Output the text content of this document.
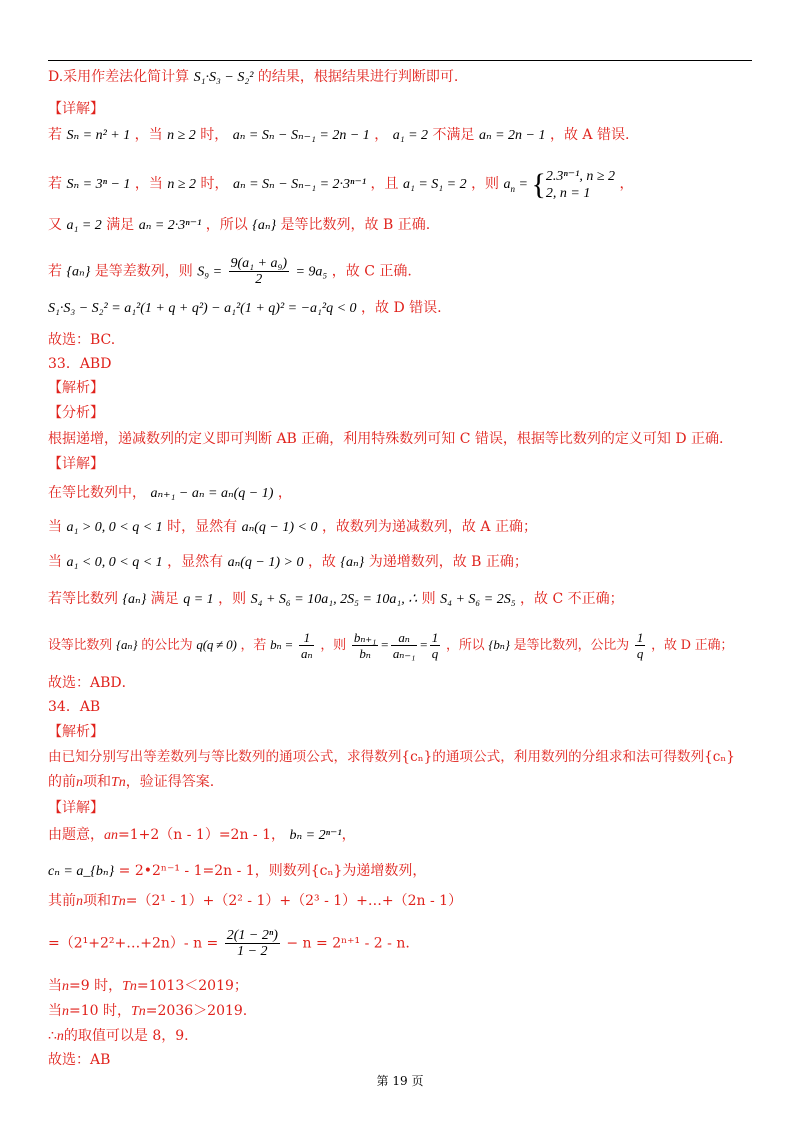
D.采用作差法化简计算 S₁·S₃ − S₂² 的结果，根据结果进行判断即可.
【详解】
若 Sₙ = n² + 1 ，当 n ≥ 2 时， aₙ = Sₙ − Sₙ₋₁ = 2n − 1 ， a₁ = 2 不满足 aₙ = 2n − 1 ，故 A 错误.
若 Sₙ = 3ⁿ − 1 ，当 n ≥ 2 时， aₙ = Sₙ − Sₙ₋₁ = 2·3ⁿ⁻¹ ，且 a₁ = S₁ = 2 ，则 $a_n = \{2.3^{n-1}$, n ≥ 2
2, n = 1 ，
又 a₁ = 2 满足 aₙ = 2·3ⁿ⁻¹ ，所以 {aₙ} 是等比数列，故 B 正确.
若 {aₙ} 是等差数列，则 $S_9 = \frac{\text{9(a₁ + a₉)}}{2} = 9a_5$ ，故 C 正确.
S₁·S₃ − S₂² = a₁²(1 + q + q²) − a₁²(1 + q)² = −a₁²q < 0 ，故 D 错误.
故选：BC.
33．ABD
【解析】
【分析】
根据递增，递减数列的定义即可判断 AB 正确，利用特殊数列可知 C 错误，根据等比数列的定义可知 D 正确.
【详解】
在等比数列中， aₙ₊₁ − aₙ = aₙ(q − 1) ，
当 a₁ > 0, 0 < q < 1 时，显然有 aₙ(q − 1) < 0 ，故数列为递减数列，故 A 正确；
当 a₁ < 0, 0 < q < 1 ，显然有 aₙ(q − 1) > 0 ，故 {aₙ} 为递增数列，故 B 正确；
若等比数列 {aₙ} 满足 q = 1 ，则 S₄ + S₆ = 10a₁, 2S₅ = 10a₁, ∴ 则 S₄ + S₆ = 2S₅ ，故 C 不正确；
设等比数列 {aₙ} 的公比为 q(q ≠ 0) ，若 $b_n = \frac{1}{\text{aₙ}}$ ，则 $\frac{\text{bₙ₊₁}}{\text{bₙ}} = \frac{\text{aₙ}}{\text{aₙ₋₁}} = \frac{1}{q}$ ，所以 {bₙ} 是等比数列，公比为 $\frac{1}{q}$ ，故 D 正确；
故选：ABD．
34．AB
【解析】
由已知分别写出等差数列与等比数列的通项公式，求得数列{cₙ}的通项公式，利用数列的分组求和法可得数列{cₙ}
的前n项和Tn，验证得答案.
【详解】
由题意，an=1+2（n - 1）=2n - 1， bₙ = 2ⁿ⁻¹，
cₙ = a_{bₙ} = 2•2ⁿ⁻¹ - 1=2n - 1，则数列{cₙ}为递增数列，
其前n项和Tn=（2¹ - 1）+（2² - 1）+（2³ - 1）+…+（2n - 1）
=（2¹+2²+…+2n）- $n = \frac{\text{2(1 − 2ⁿ)}}{1 - 2} - n = 2^{n+1} - 2 - n$.
当n=9 时，Tn=1013＜2019；
当n=10 时，Tn=2036＞2019.
∴n的取值可以是 8，9.
故选：AB
第 19 页
